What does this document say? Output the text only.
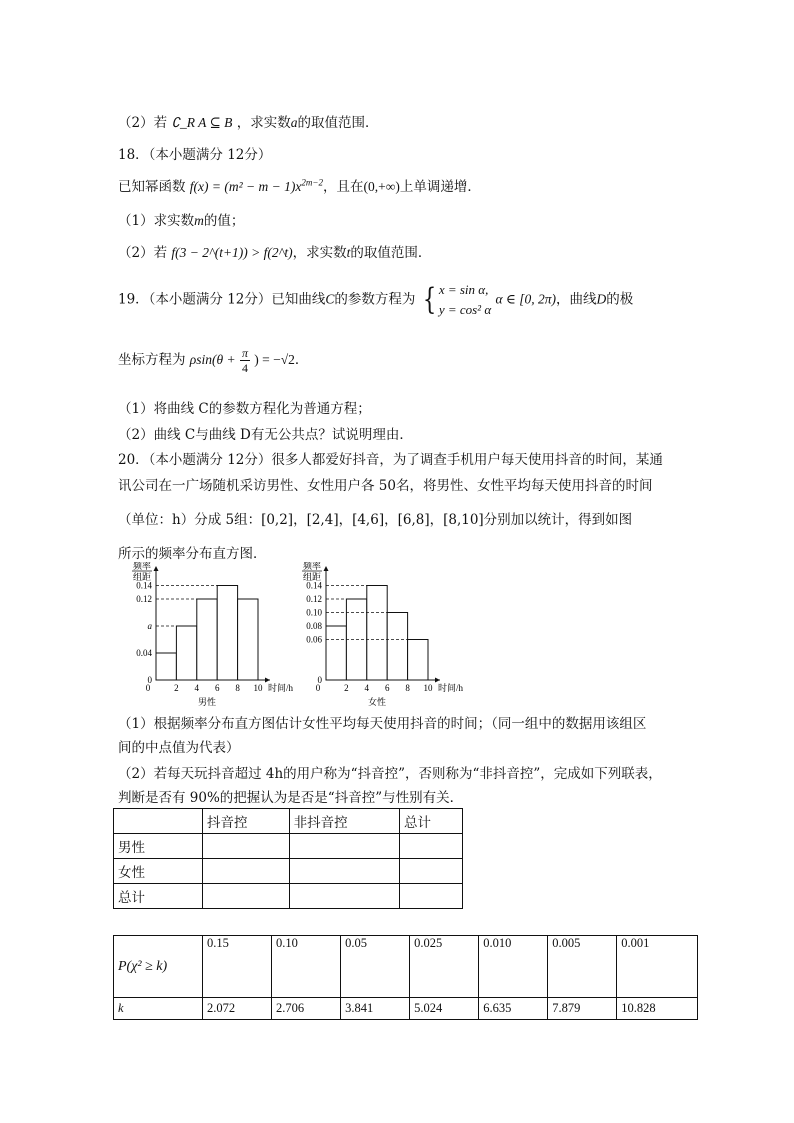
（2）若 ∁_R A ⊆ B ，求实数a的取值范围．
18．（本小题满分 12分）
已知幂函数 $f(x) = (m^2 - m - 1)x^{2m-2}$，且在(0,+∞)上单调递增．
（1）求实数m的值；
（2）若 f(3 − 2^(t+1)) > f(2^t)，求实数t的取值范围．
19．（本小题满分 12分）已知曲线C的参数方程为 { x = sin α,
y = cos² α α ∈ [0, 2π)，曲线D的极
坐标方程为 $\rho\sin(\theta + \frac{\pi}{4}$ ) = −√2．
（1）将曲线 C的参数方程化为普通方程；
（2）曲线 C与曲线 D有无公共点？试说明理由．
20．（本小题满分 12分）很多人都爱好抖音，为了调查手机用户每天使用抖音的时间，某通
讯公司在一广场随机采访男性、女性用户各 50名，将男性、女性平均每天使用抖音的时间
（单位：h）分成 5组：[0,2]，[2,4]，[4,6]，[6,8]，[8,10]分别加以统计，得到如图
所示的频率分布直方图．
频率
组距
0
0.04
a
0.12
0.14
0	2 4 6 8 10 时间/h
男性
频率
组距
0
0.06
0.08
0.10
0.12
0.14
0	2 4 6 8 10 时间/h
女性
（1）根据频率分布直方图估计女性平均每天使用抖音的时间；（同一组中的数据用该组区
间的中点值为代表）
（2）若每天玩抖音超过 4h的用户称为“抖音控”，否则称为“非抖音控”，完成如下列联表，
判断是否有 90%的把握认为是否是“抖音控”与性别有关．
	抖音控	非抖音控	总计
男性			
女性			
总计			
P(χ² ≥ k)	0.15	0.10	0.05	0.025	0.010	0.005	0.001
k	2.072	2.706	3.841	5.024	6.635	7.879	10.828
